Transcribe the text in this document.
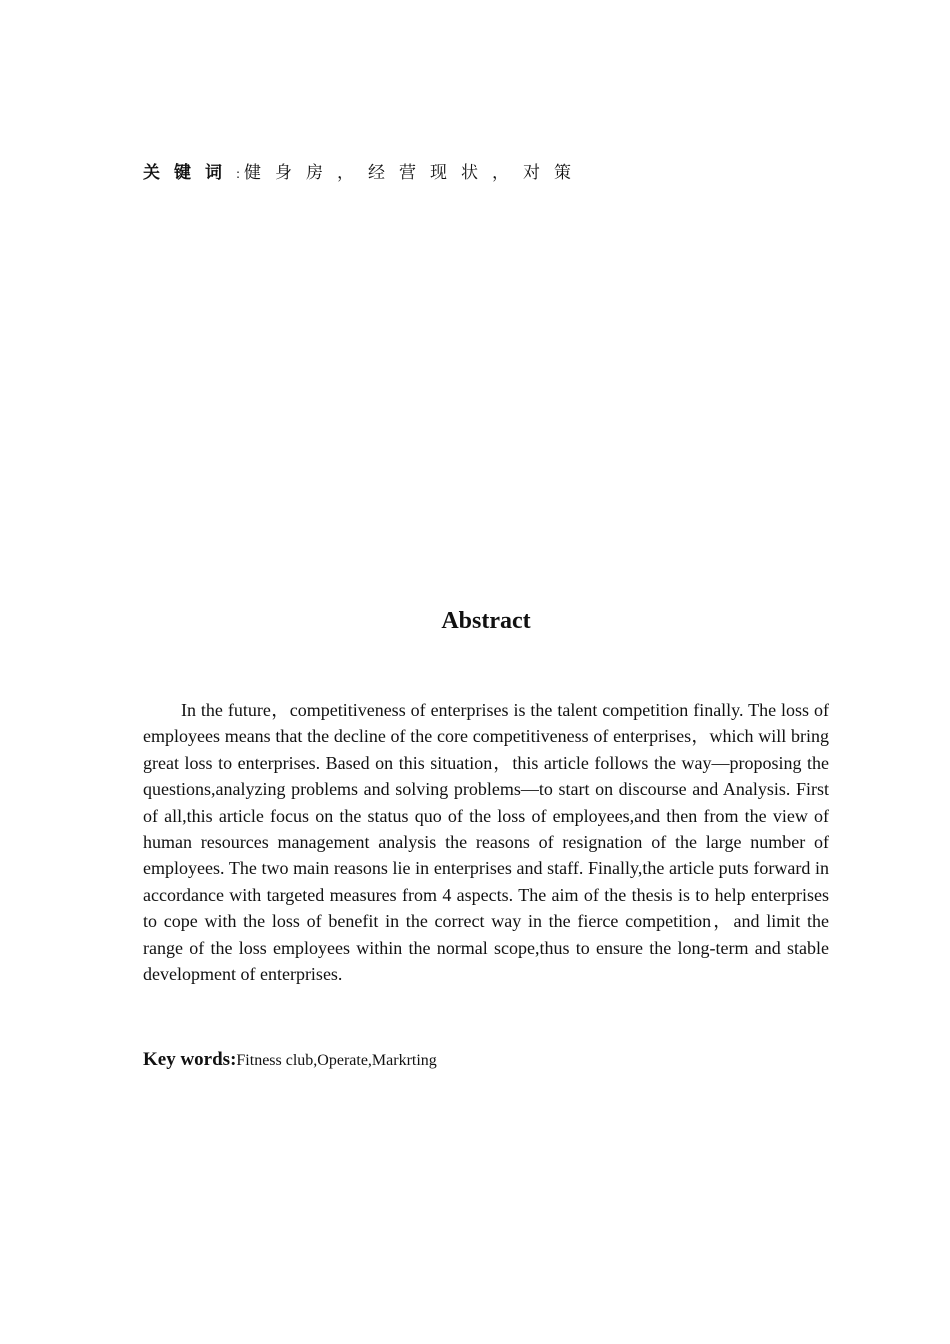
关键词:健身房，经营现状，对策
Abstract

In the future，competitiveness of enterprises is the talent competition finally. The loss of employees means that the decline of the core competitiveness of enterprises，which will bring great loss to enterprises. Based on this situation，this article follows the way—proposing the questions,analyzing problems and solving problems—to start on discourse and Analysis. First of all,this article focus on the status quo of the loss of employees,and then from the view of human resources management analysis the reasons of resignation of the large number of employees. The two main reasons lie in enterprises and staff. Finally,the article puts forward in accordance with targeted measures from 4 aspects. The aim of the thesis is to help enterprises to cope with the loss of benefit in the correct way in the fierce competition，and limit the range of the loss employees within the normal scope,thus to ensure the long-term and stable development of enterprises.

Key words:Fitness club,Operate,Markrting
